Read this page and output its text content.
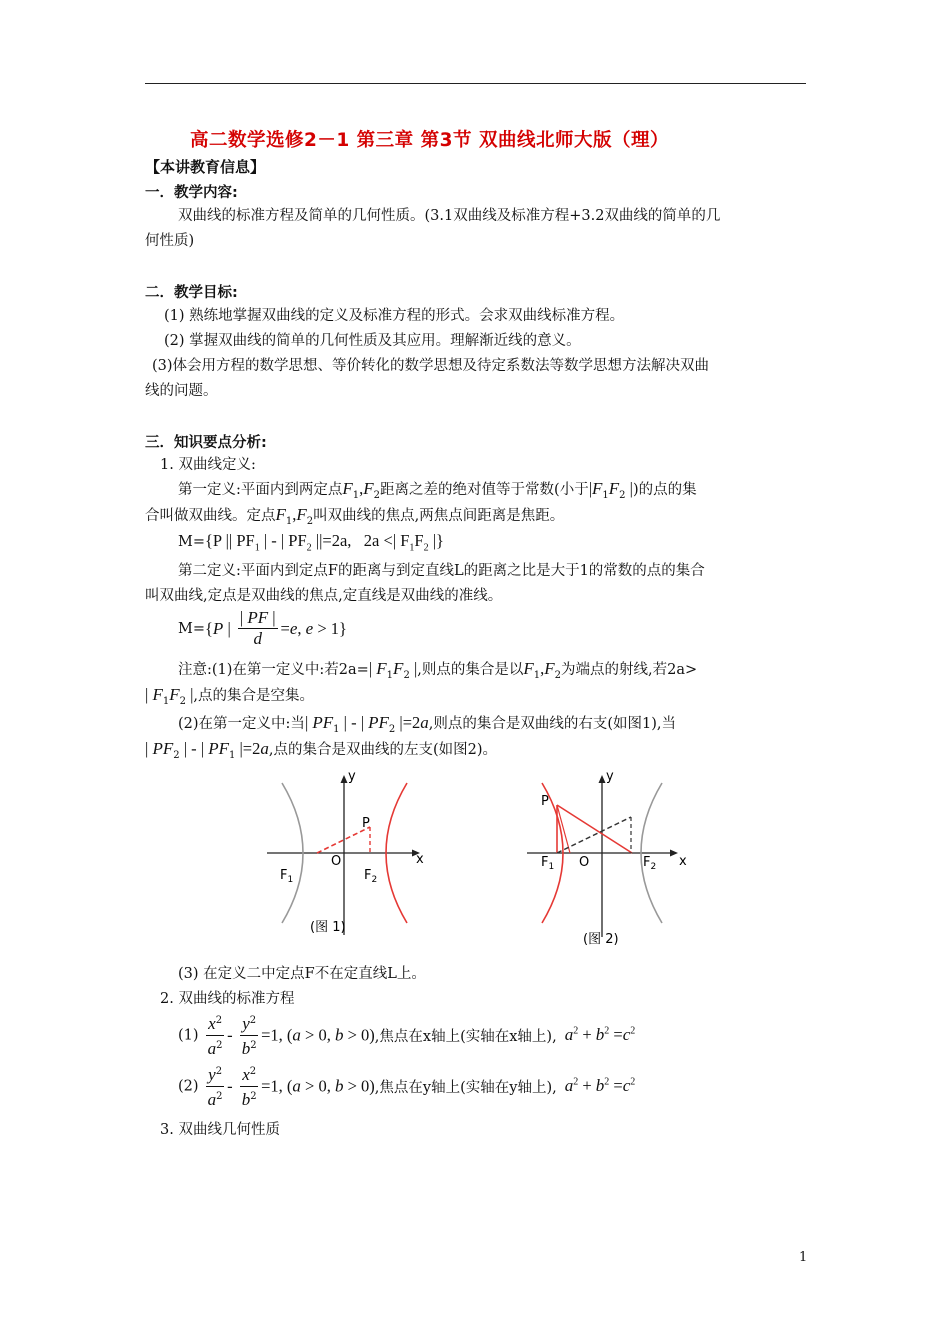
高二数学选修2－1 第三章 第3节 双曲线北师大版（理）
【本讲教育信息】
一．教学内容:
双曲线的标准方程及简单的几何性质。(3.1双曲线及标准方程+3.2双曲线的简单的几
何性质)
二．教学目标:
(1) 熟练地掌握双曲线的定义及标准方程的形式。会求双曲线标准方程。
(2) 掌握双曲线的简单的几何性质及其应用。理解渐近线的意义。
(3)体会用方程的数学思想、等价转化的数学思想及待定系数法等数学思想方法解决双曲
线的问题。
三．知识要点分析:
1. 双曲线定义:
第一定义:平面内到两定点$F_1,F_2$距离之差的绝对值等于常数(小于$|F_1F_2$ |)的点的集
合叫做双曲线。定点$F_1,F_2$叫双曲线的焦点,两焦点间距离是焦距。
M={P || $PF_1$ | - | $PF_2$ ||=2a,   2a <| $F_1F_2$ |}
第二定义:平面内到定点F的距离与到定直线L的距离之比是大于1的常数的点的集合
叫双曲线,定点是双曲线的焦点,定直线是双曲线的准线。
M={P | $\frac{| PF |}{d} =e$, e > 1}
注意:(1)在第一定义中:若2a=| $F_1F_2$ |,则点的集合是以$F_1,F_2$为端点的射线,若2a>
| $F_1F_2$ |,点的集合是空集。
(2)在第一定义中:当| $PF_1$ | - | $PF_2$ |=2a,则点的集合是双曲线的右支(如图1),当
| $PF_2$ | - | $PF_1$ |=2a,点的集合是双曲线的左支(如图2)。
P
x
y
O
$F_1$	$F_2$
(图 1)
P
x
y
O
$F_1$	$F_2$
(图 2)
(3) 在定义二中定点F不在定直线L上。
2. 双曲线的标准方程
$(1) \frac{x^2}{a^2} - \frac{y^2}{b^2} =1$, (a > 0, b > 0),焦点在x轴上(实轴在x轴上), $a^2 + b^2 =c^2$
$(2) \frac{y^2}{a^2} - \frac{x^2}{b^2} =1$, (a > 0, b > 0),焦点在y轴上(实轴在y轴上), $a^2 + b^2 =c^2$
3. 双曲线几何性质
1
